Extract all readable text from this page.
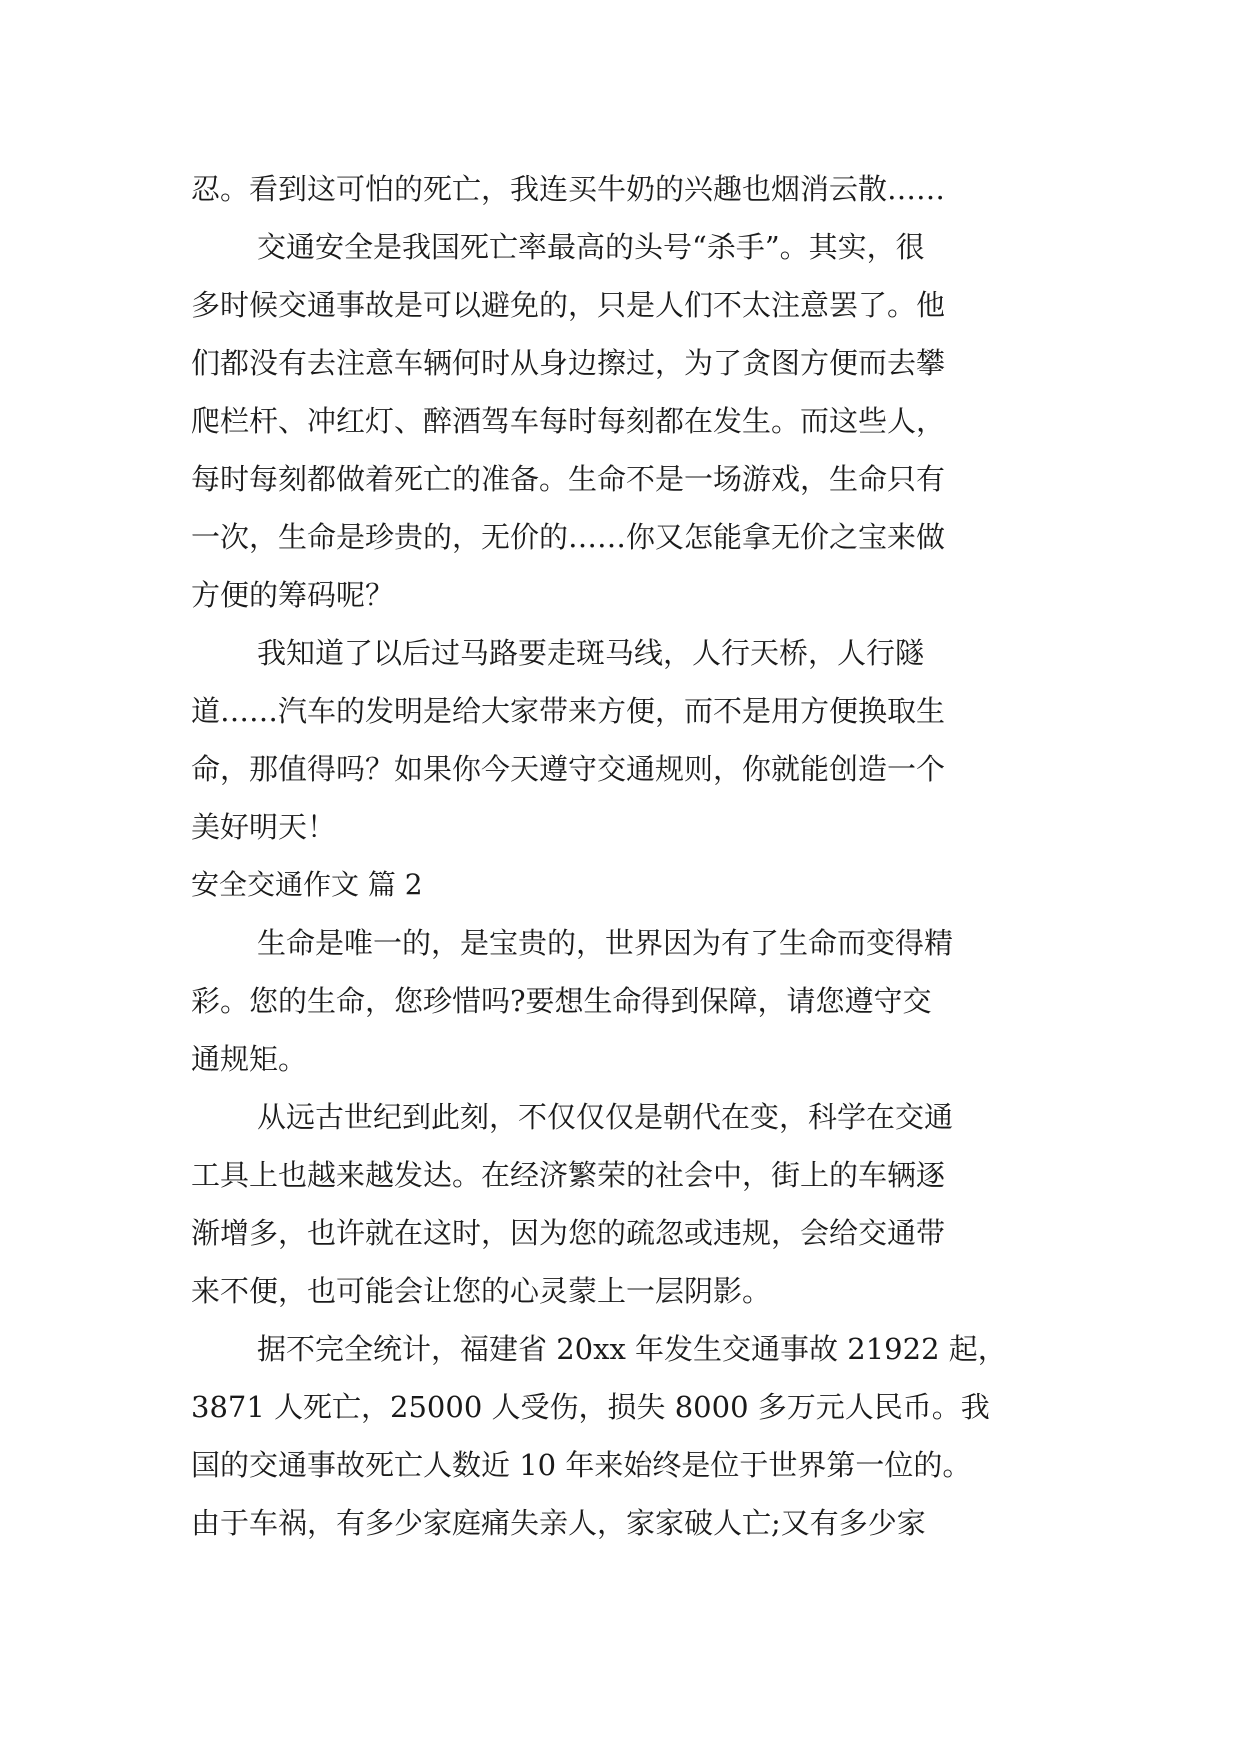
忍。看到这可怕的死亡，我连买牛奶的兴趣也烟消云散……
交通安全是我国死亡率最高的头号“杀手”。其实，很
多时候交通事故是可以避免的，只是人们不太注意罢了。他
们都没有去注意车辆何时从身边擦过，为了贪图方便而去攀
爬栏杆、冲红灯、醉酒驾车每时每刻都在发生。而这些人，
每时每刻都做着死亡的准备。生命不是一场游戏，生命只有
一次，生命是珍贵的，无价的……你又怎能拿无价之宝来做
方便的筹码呢？
我知道了以后过马路要走斑马线，人行天桥，人行隧
道……汽车的发明是给大家带来方便，而不是用方便换取生
命，那值得吗？如果你今天遵守交通规则，你就能创造一个
美好明天！
安全交通作文 篇 2
生命是唯一的，是宝贵的，世界因为有了生命而变得精
彩。您的生命，您珍惜吗?要想生命得到保障，请您遵守交
通规矩。
从远古世纪到此刻，不仅仅仅是朝代在变，科学在交通
工具上也越来越发达。在经济繁荣的社会中，街上的车辆逐
渐增多，也许就在这时，因为您的疏忽或违规，会给交通带
来不便，也可能会让您的心灵蒙上一层阴影。
据不完全统计，福建省 20xx 年发生交通事故 21922 起，
3871 人死亡，25000 人受伤，损失 8000 多万元人民币。我
国的交通事故死亡人数近 10 年来始终是位于世界第一位的。
由于车祸，有多少家庭痛失亲人，家家破人亡;又有多少家
